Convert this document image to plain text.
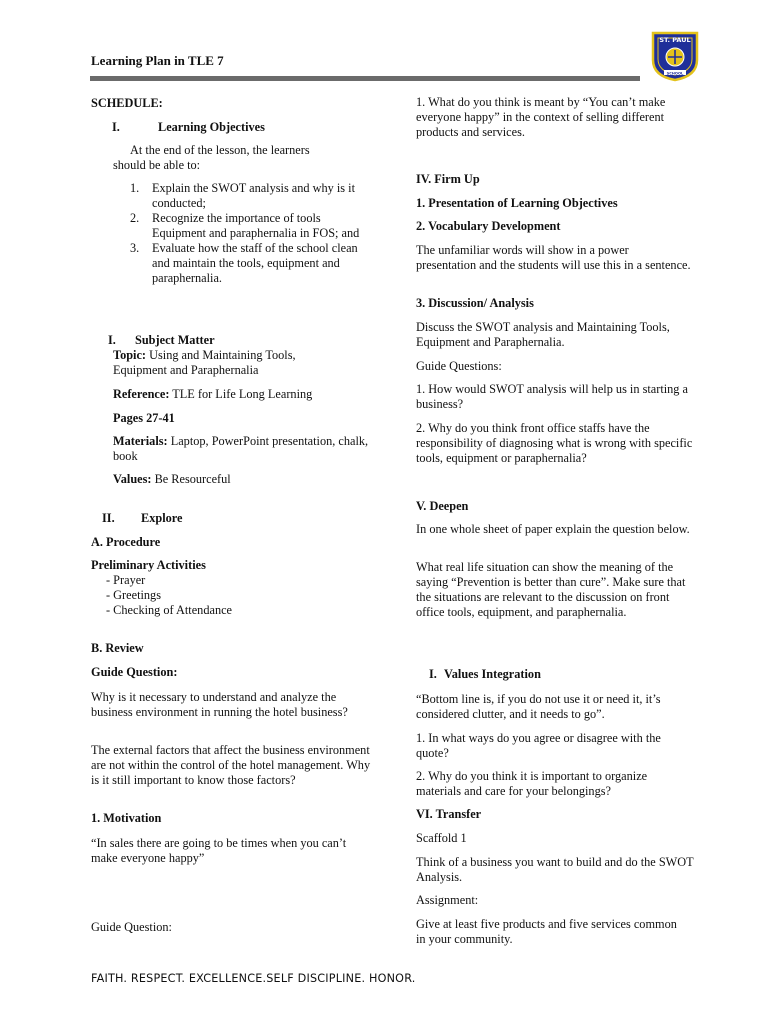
Learning Plan in TLE 7
ST. PAUL
SCHOOL
SCHEDULE:
I.	Learning Objectives

At the end of the lesson, the learners should be able to:

1. Explain the SWOT analysis and why is it conducted;
2. Recognize the importance of tools Equipment and paraphernalia in FOS; and
3. Evaluate how the staff of the school clean and maintain the tools, equipment and paraphernalia.
I. Subject Matter

Topic: Using and Maintaining Tools, Equipment and Paraphernalia

Reference: TLE for Life Long Learning

Pages 27-41

Materials: Laptop, PowerPoint presentation, chalk, book

Values: Be Resourceful

II. Explore
A. Procedure
Preliminary Activities
- Prayer
- Greetings
- Checking of Attendance
B. Review
Guide Question:

Why is it necessary to understand and analyze the business environment in running the hotel business?

The external factors that affect the business environment are not within the control of the hotel management. Why is it still important to know those factors?

1. Motivation

“In sales there are going to be times when you can’t make everyone happy”

Guide Question:

1. What do you think is meant by “You can’t make everyone happy” in the context of selling different products and services.

IV. Firm Up
1. Presentation of Learning Objectives
2. Vocabulary Development

The unfamiliar words will show in a power presentation and the students will use this in a sentence.

3. Discussion/ Analysis

Discuss the SWOT analysis and Maintaining Tools, Equipment and Paraphernalia.

Guide Questions:

1. How would SWOT analysis will help us in starting a business?

2. Why do you think front office staffs have the responsibility of diagnosing what is wrong with specific tools, equipment or paraphernalia?

V. Deepen

In one whole sheet of paper explain the question below.

What real life situation can show the meaning of the saying “Prevention is better than cure”. Make sure that the situations are relevant to the discussion on front office tools, equipment, and paraphernalia.

I. Values Integration

“Bottom line is, if you do not use it or need it, it’s considered clutter, and it needs to go”.

1. In what ways do you agree or disagree with the quote?

2. Why do you think it is important to organize materials and care for your belongings?

VI. Transfer

Scaffold 1

Think of a business you want to build and do the SWOT Analysis.

Assignment:

Give at least five products and five services common in your community.

FAITH. RESPECT. EXCELLENCE.SELF DISCIPLINE. HONOR.
